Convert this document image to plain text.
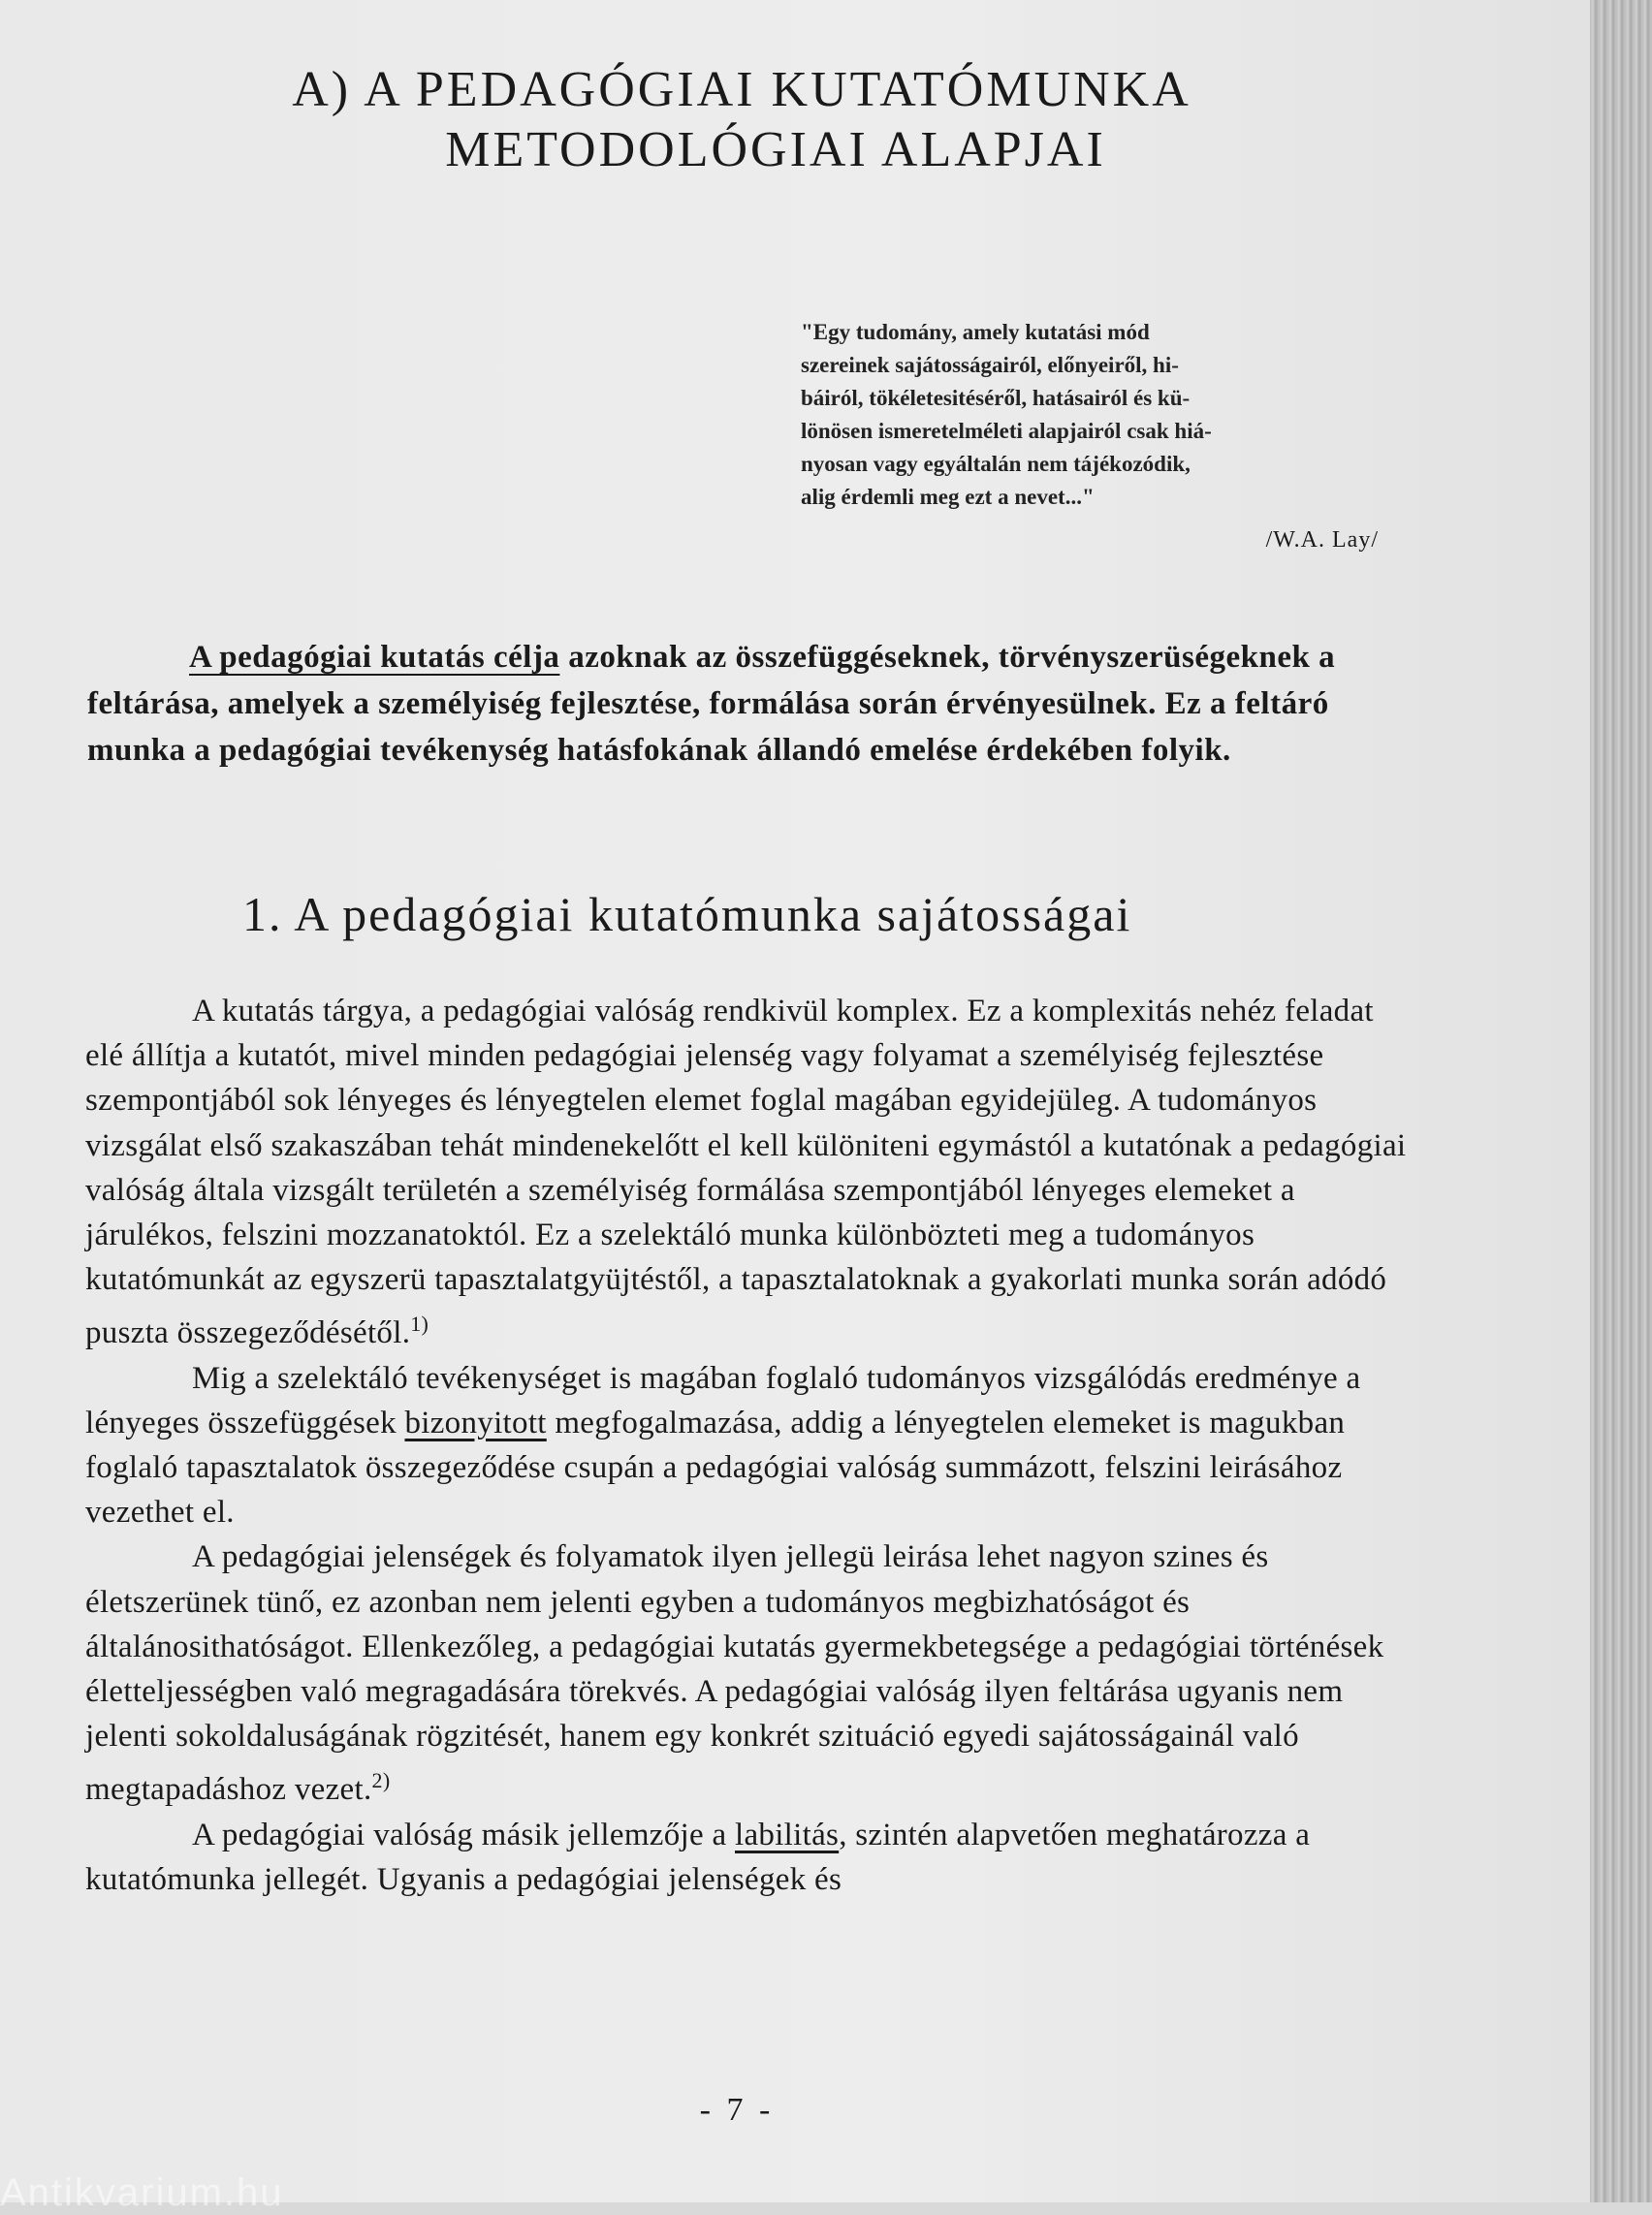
A) A PEDAGÓGIAI KUTATÓMUNKA
METODOLÓGIAI ALAPJAI
"Egy tudomány, amely kutatási mód
szereinek sajátosságairól, előnyeiről, hi-
báiról, tökéletesitéséről, hatásairól és kü-
lönösen ismeretelméleti alapjairól csak hiá-
nyosan vagy egyáltalán nem tájékozódik,
alig érdemli meg ezt a nevet..."
/W.A. Lay/
A pedagógiai kutatás célja azoknak az összefüggéseknek, törvényszerüségeknek a feltárása, amelyek a személyiség fejlesztése, formálása során érvényesülnek. Ez a feltáró munka a pedagógiai tevékenység hatásfokának állandó emelése érdekében folyik.
1. A pedagógiai kutatómunka sajátosságai

A kutatás tárgya, a pedagógiai valóság rendkivül komplex. Ez a komplexitás nehéz feladat elé állítja a kutatót, mivel minden pedagógiai jelenség vagy folyamat a személyiség fejlesztése szempontjából sok lényeges és lényegtelen elemet foglal magában egyidejüleg. A tudományos vizsgálat első szakaszában tehát mindenekelőtt el kell különiteni egymástól a kutatónak a pedagógiai valóság általa vizsgált területén a személyiség formálása szempontjából lényeges elemeket a járulékos, felszini mozzanatoktól. Ez a szelektáló munka különbözteti meg a tudományos kutatómunkát az egyszerü tapasztalatgyüjtéstől, a tapasztalatoknak a gyakorlati munka során adódó puszta összegeződésétől.$^{1)}$

Mig a szelektáló tevékenységet is magában foglaló tudományos vizsgálódás eredménye a lényeges összefüggések bizonyitott megfogalmazása, addig a lényegtelen elemeket is magukban foglaló tapasztalatok összegeződése csupán a pedagógiai valóság summázott, felszini leirásához vezethet el.

A pedagógiai jelenségek és folyamatok ilyen jellegü leirása lehet nagyon szines és életszerünek tünő, ez azonban nem jelenti egyben a tudományos megbizhatóságot és általánosithatóságot. Ellenkezőleg, a pedagógiai kutatás gyermekbetegsége a pedagógiai történések életteljességben való megragadására törekvés. A pedagógiai valóság ilyen feltárása ugyanis nem jelenti sokoldaluságának rögzitését, hanem egy konkrét szituáció egyedi sajátosságainál való megtapadáshoz vezet.$^{2)}$

A pedagógiai valóság másik jellemzője a labilitás, szintén alapvetően meghatározza a kutatómunka jellegét. Ugyanis a pedagógiai jelenségek és

- 7 -
Antikvarium.hu
